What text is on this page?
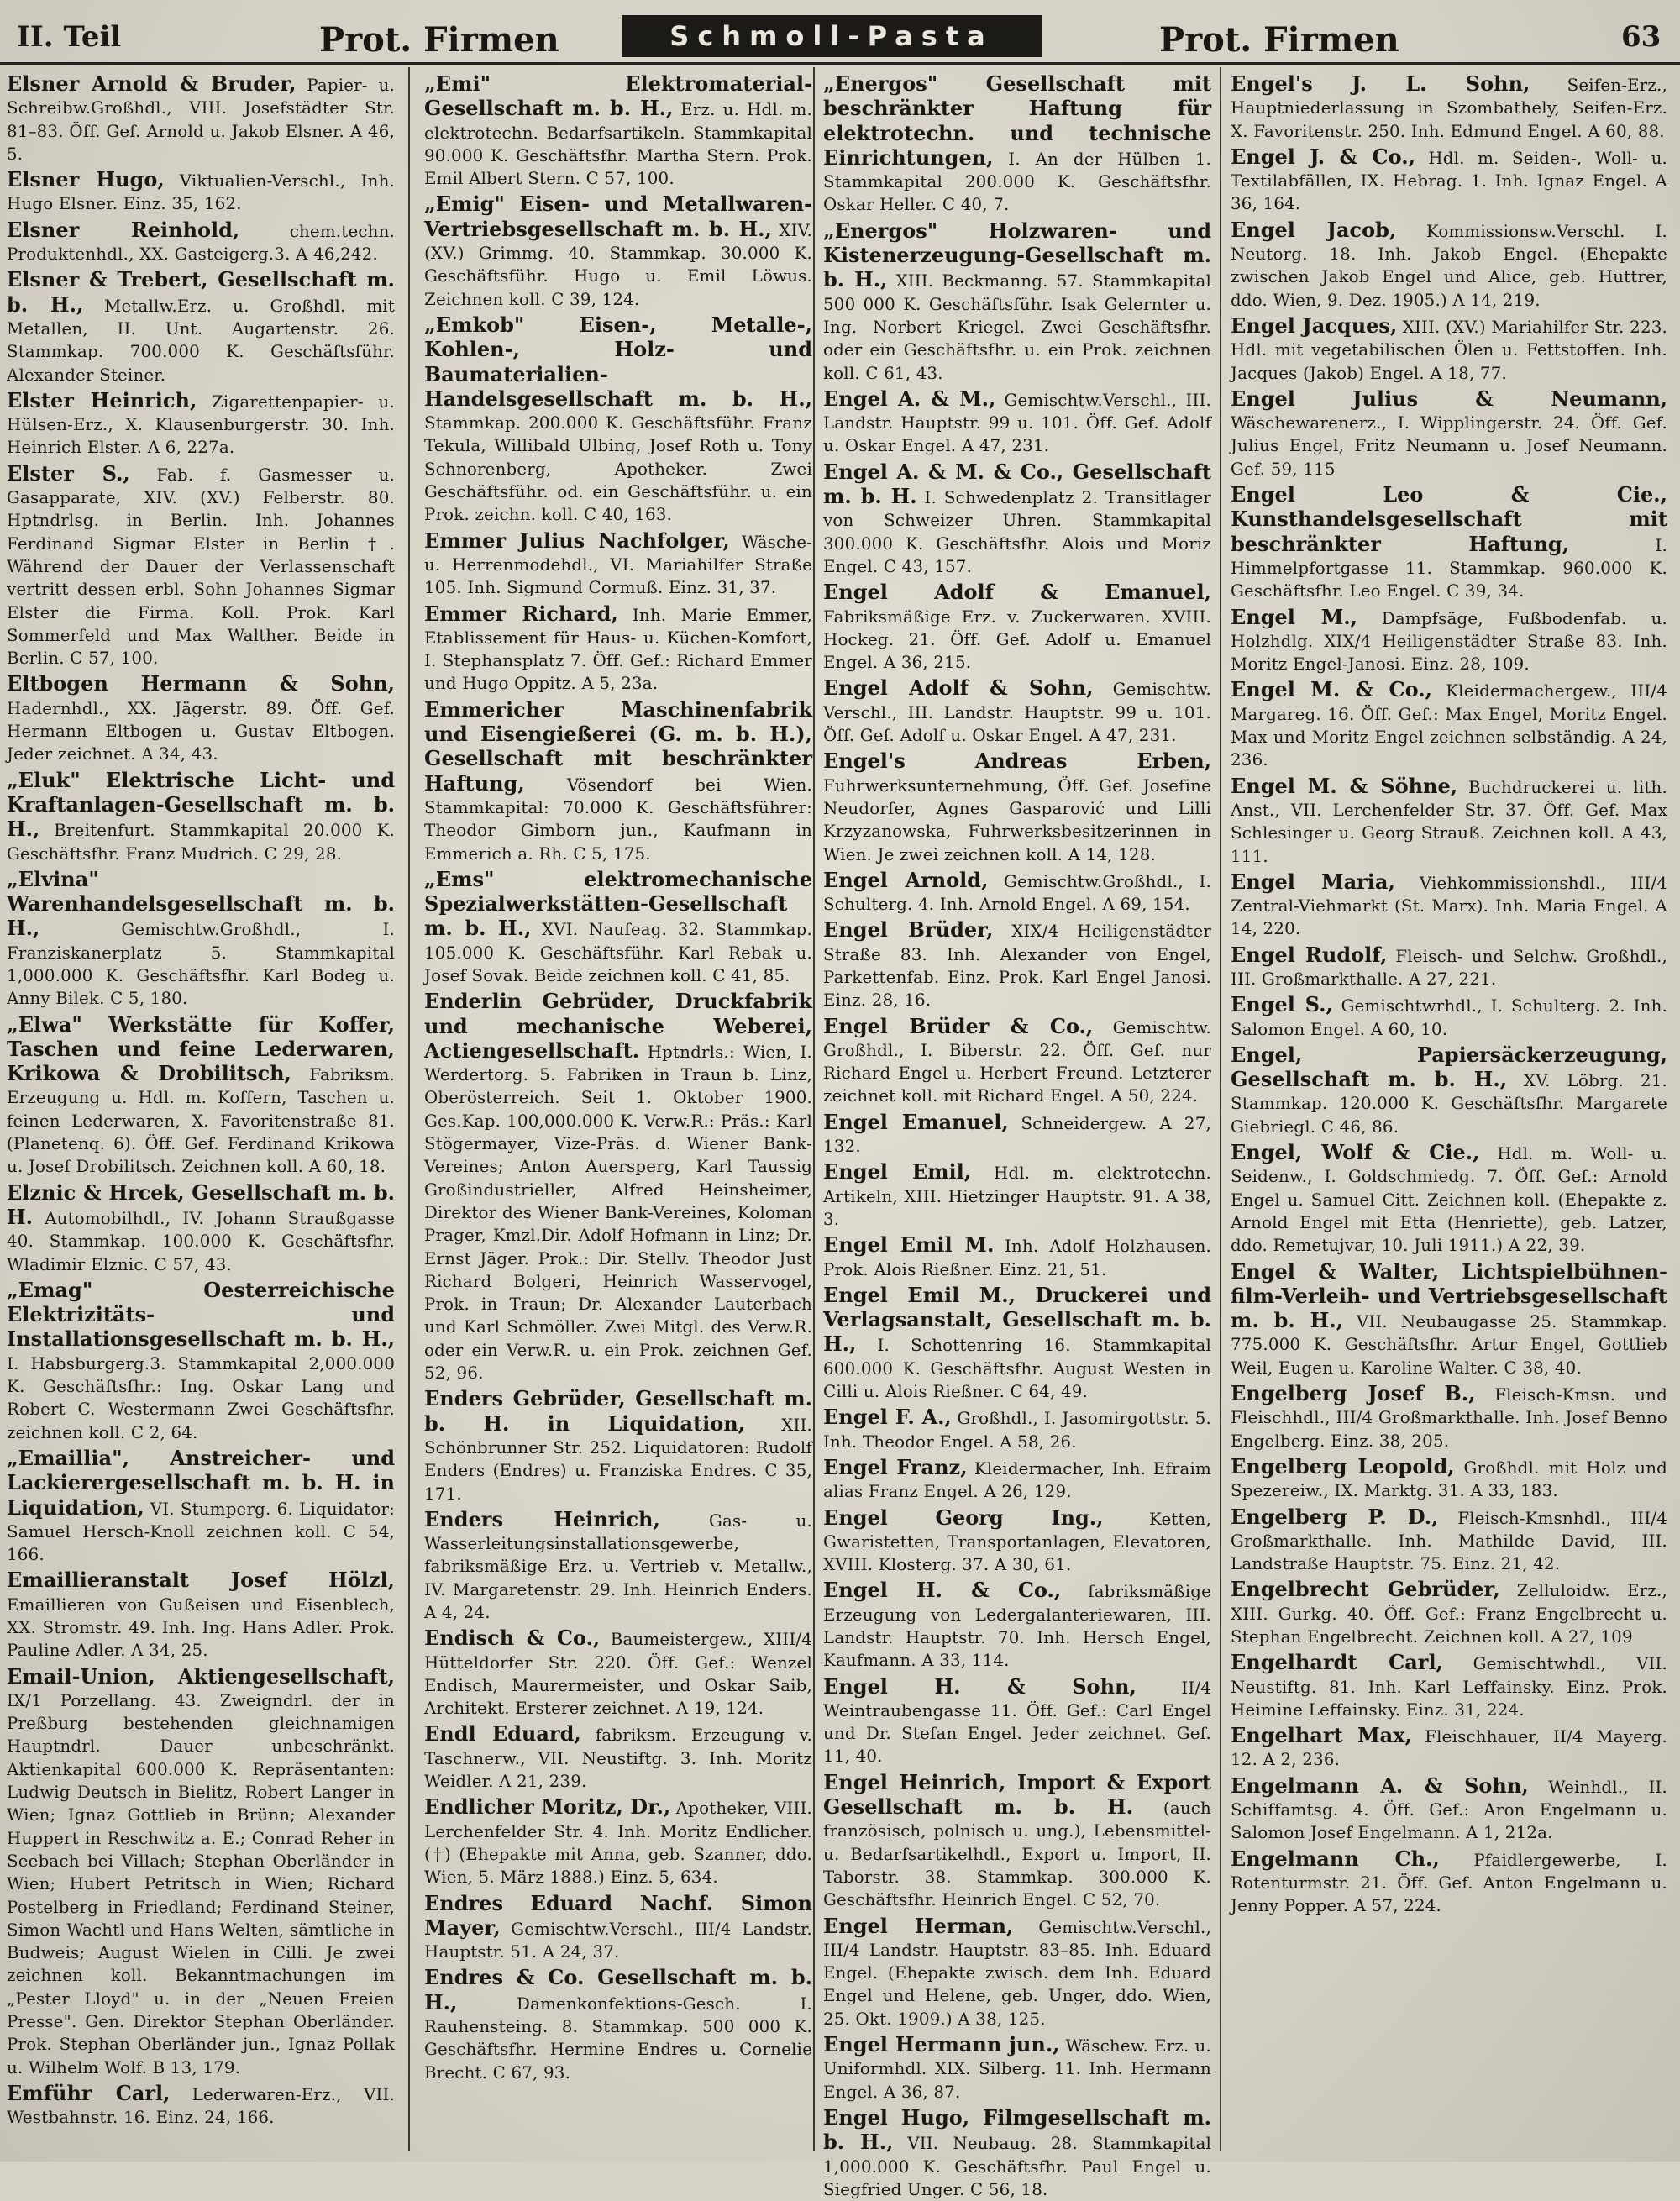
II. Teil	Prot. Firmen	Schmoll-Pasta	Prot. Firmen	63

Elsner Arnold & Bruder, Papier- u. Schreibw.Großhdl., VIII. Josefstädter Str. 81–83. Öff. Gef. Arnold u. Jakob Elsner. A 46, 5.

Elsner Hugo, Viktualien-Verschl., Inh. Hugo Elsner. Einz. 35, 162.

Elsner Reinhold,	chem.techn. Produktenhdl., XX. Gasteigerg.3. A 46,242.

Elsner & Trebert, Gesellschaft m. b. H., Metallw.Erz. u. Großhdl. mit Metallen, II. Unt. Augartenstr. 26. Stammkap. 700.000 K. Geschäftsführ. Alexander Steiner.

Elster Heinrich, Zigarettenpapier- u. Hülsen-Erz., X. Klausenburgerstr. 30. Inh. Heinrich Elster. A 6, 227a.

Elster S., Fab. f. Gasmesser u. Gasapparate, XIV. (XV.) Felberstr. 80. Hptndrlsg. in Berlin. Inh. Johannes Ferdinand Sigmar Elster in Berlin †. Während der Dauer der Verlassenschaft vertritt dessen erbl. Sohn Johannes Sigmar Elster die Firma. Koll. Prok. Karl Sommerfeld und Max Walther. Beide in Berlin. C 57, 100.

Eltbogen Hermann & Sohn, Hadernhdl., XX. Jägerstr. 89. Öff. Gef. Hermann Eltbogen u. Gustav Eltbogen. Jeder zeichnet. A 34, 43.

„Eluk" Elektrische Licht- und Kraftanlagen-Gesellschaft m. b. H., Breitenfurt. Stammkapital 20.000 K. Geschäftsfhr. Franz Mudrich. C 29, 28.

„Elvina" Warenhandelsgesellschaft m. b. H.,	Gemischtw.Großhdl., I. Franziskanerplatz 5. Stammkapital 1,000.000 K. Geschäftsfhr. Karl Bodeg u. Anny Bilek. C 5, 180.

„Elwa" Werkstätte für Koffer, Taschen und feine Lederwaren, Krikowa & Drobilitsch, Fabriksm. Erzeugung u. Hdl. m. Koffern, Taschen u. feinen Lederwaren, X. Favoritenstraße 81. (Planetenq. 6). Öff. Gef. Ferdinand Krikowa u. Josef Drobilitsch. Zeichnen koll. A 60, 18.

Elznic & Hrcek, Gesellschaft m. b. H. Automobilhdl., IV. Johann Straußgasse 40. Stammkap. 100.000 K. Geschäftsfhr. Wladimir Elznic. C 57, 43.

„Emag" Oesterreichische Elektrizitäts- und Installationsgesellschaft m. b. H., I. Habsburgerg.3. Stammkapital 2,000.000 K. Geschäftsfhr.: Ing. Oskar Lang und Robert C. Westermann Zwei Geschäftsfhr. zeichnen koll. C 2, 64.

„Emaillia", Anstreicher- und Lackierergesellschaft m. b. H. in Liquidation, VI. Stumperg. 6. Liquidator: Samuel Hersch-Knoll zeichnen koll. C 54, 166.

Emaillieranstalt Josef Hölzl, Emaillieren von Gußeisen und Eisenblech, XX. Stromstr. 49. Inh. Ing. Hans Adler. Prok. Pauline Adler. A 34, 25.

Email-Union, Aktiengesellschaft, IX/1 Porzellang. 43. Zweigndrl. der in Preßburg bestehenden gleichnamigen Hauptndrl. Dauer unbeschränkt. Aktienkapital 600.000 K. Repräsentanten: Ludwig Deutsch in Bielitz, Robert Langer in Wien; Ignaz Gottlieb in Brünn; Alexander Huppert in Reschwitz a. E.; Conrad Reher in Seebach bei Villach; Stephan Oberländer in Wien; Hubert Petritsch in Wien; Richard Postelberg in Friedland; Ferdinand Steiner, Simon Wachtl und Hans Welten, sämtliche in Budweis; August Wielen in Cilli. Je zwei zeichnen koll. Bekanntmachungen im „Pester Lloyd" u. in der „Neuen Freien Presse". Gen. Direktor Stephan Oberländer. Prok. Stephan Oberländer jun., Ignaz Pollak u. Wilhelm Wolf. B 13, 179.

Emführ Carl, Lederwaren-Erz., VII. Westbahnstr. 16. Einz. 24, 166.

„Emi" Elektromaterial-Gesellschaft m. b. H., Erz. u. Hdl. m. elektrotechn. Bedarfsartikeln. Stammkapital 90.000 K. Geschäftsfhr. Martha Stern. Prok. Emil Albert Stern. C 57, 100.

„Emig" Eisen- und Metallwaren-Vertriebsgesellschaft m. b. H., XIV. (XV.) Grimmg. 40. Stammkap. 30.000 K. Geschäftsführ. Hugo u. Emil Löwus. Zeichnen koll. C 39, 124.

„Emkob" Eisen-, Metalle-, Kohlen-, Holz- und Baumaterialien-Handelsgesellschaft m. b. H., Stammkap. 200.000 K. Geschäftsführ. Franz Tekula, Willibald Ulbing, Josef Roth u. Tony Schnorenberg, Apotheker. Zwei Geschäftsführ. od. ein Geschäftsführ. u. ein Prok. zeichn. koll. C 40, 163.

Emmer Julius Nachfolger, Wäsche- u. Herrenmodehdl., VI. Mariahilfer Straße 105. Inh. Sigmund Cormuß. Einz. 31, 37.

Emmer Richard, Inh. Marie Emmer, Etablissement für Haus- u. Küchen-Komfort, I. Stephansplatz 7. Öff. Gef.: Richard Emmer und Hugo Oppitz. A 5, 23a.

Emmericher Maschinenfabrik und Eisengießerei (G. m. b. H.), Gesellschaft mit beschränkter Haftung,	Vösendorf bei Wien. Stammkapital: 70.000 K. Geschäftsführer: Theodor Gimborn jun., Kaufmann in Emmerich a. Rh. C 5, 175.

„Ems" elektromechanische Spezialwerkstätten-Gesellschaft m. b. H., XVI. Naufeag. 32. Stammkap. 105.000 K. Geschäftsführ. Karl Rebak u. Josef Sovak. Beide zeichnen koll. C 41, 85.

Enderlin Gebrüder, Druckfabrik und mechanische Weberei, Actiengesellschaft. Hptndrls.: Wien, I. Werdertorg. 5. Fabriken in Traun b. Linz, Oberösterreich. Seit 1. Oktober 1900. Ges.Kap. 100,000.000 K. Verw.R.: Präs.: Karl Stögermayer, Vize-Präs. d. Wiener Bank-Vereines; Anton Auersperg, Karl Taussig Großindustrieller, Alfred Heinsheimer, Direktor des Wiener Bank-Vereines, Koloman Prager, Kmzl.Dir. Adolf Hofmann in Linz; Dr. Ernst Jäger. Prok.: Dir. Stellv. Theodor Just Richard Bolgeri, Heinrich Wasservogel, Prok. in Traun; Dr. Alexander Lauterbach und Karl Schmöller. Zwei Mitgl. des Verw.R. oder ein Verw.R. u. ein Prok. zeichnen Gef. 52, 96.

Enders Gebrüder, Gesellschaft m. b. H. in Liquidation, XII. Schönbrunner Str. 252. Liquidatoren: Rudolf Enders (Endres) u. Franziska Endres. C 35, 171.

Enders Heinrich,	Gas- u. Wasserleitungsinstallationsgewerbe, fabriksmäßige Erz. u. Vertrieb v. Metallw., IV. Margaretenstr. 29. Inh. Heinrich Enders. A 4, 24.

Endisch & Co., Baumeistergew., XIII/4 Hütteldorfer Str. 220. Öff. Gef.: Wenzel Endisch, Maurermeister, und Oskar Saib, Architekt. Ersterer zeichnet. A 19, 124.

Endl Eduard, fabriksm. Erzeugung v. Taschnerw., VII. Neustiftg. 3. Inh. Moritz Weidler. A 21, 239.

Endlicher Moritz, Dr., Apotheker, VIII. Lerchenfelder Str. 4. Inh. Moritz Endlicher. (†) (Ehepakte mit Anna, geb. Szanner, ddo. Wien, 5. März 1888.) Einz. 5, 634.

Endres Eduard Nachf. Simon Mayer, Gemischtw.Verschl., III/4 Landstr. Hauptstr. 51. A 24, 37.

Endres & Co. Gesellschaft m. b. H.,	Damenkonfektions-Gesch. I. Rauhensteing. 8. Stammkap. 500 000 K. Geschäftsfhr. Hermine Endres u. Cornelie Brecht. C 67, 93.

„Energos" Gesellschaft mit beschränkter Haftung für elektrotechn. und technische Einrichtungen, I. An der Hülben 1. Stammkapital 200.000 K. Geschäftsfhr. Oskar Heller. C 40, 7.

„Energos" Holzwaren- und Kistenerzeugung-Gesellschaft m. b. H., XIII. Beckmanng. 57. Stammkapital 500 000 K. Geschäftsführ. Isak Gelernter u. Ing. Norbert Kriegel. Zwei Geschäftsfhr. oder ein Geschäftsfhr. u. ein Prok. zeichnen koll. C 61, 43.

Engel A. & M., Gemischtw.Verschl., III. Landstr. Hauptstr. 99 u. 101. Öff. Gef. Adolf u. Oskar Engel. A 47, 231.

Engel A. & M. & Co., Gesellschaft m. b. H. I. Schwedenplatz 2. Transitlager von Schweizer Uhren. Stammkapital 300.000 K. Geschäftsfhr. Alois und Moriz Engel. C 43, 157.

Engel Adolf & Emanuel, Fabriksmäßige Erz. v. Zuckerwaren. XVIII. Hockeg. 21. Öff. Gef. Adolf u. Emanuel Engel. A 36, 215.

Engel Adolf & Sohn, Gemischtw. Verschl., III. Landstr. Hauptstr. 99 u. 101. Öff. Gef. Adolf u. Oskar Engel. A 47, 231.

Engel's Andreas Erben, Fuhrwerksunternehmung, Öff. Gef. Josefine Neudorfer, Agnes Gasparović und Lilli Krzyzanowska, Fuhrwerksbesitzerinnen in Wien. Je zwei zeichnen koll. A 14, 128.

Engel Arnold, Gemischtw.Großhdl., I. Schulterg. 4. Inh. Arnold Engel. A 69, 154.

Engel Brüder, XIX/4 Heiligenstädter Straße 83. Inh. Alexander von Engel, Parkettenfab. Einz. Prok. Karl Engel Janosi. Einz. 28, 16.

Engel Brüder & Co., Gemischtw. Großhdl., I. Biberstr. 22. Öff. Gef. nur Richard Engel u. Herbert Freund. Letzterer zeichnet koll. mit Richard Engel. A 50, 224.

Engel Emanuel, Schneidergew. A 27, 132.

Engel Emil, Hdl. m. elektrotechn. Artikeln, XIII. Hietzinger Hauptstr. 91. A 38, 3.

Engel Emil M. Inh. Adolf Holzhausen. Prok. Alois Rießner. Einz. 21, 51.

Engel Emil M., Druckerei und Verlagsanstalt, Gesellschaft m. b. H., I. Schottenring 16. Stammkapital 600.000 K. Geschäftsfhr. August Westen in Cilli u. Alois Rießner. C 64, 49.

Engel F. A., Großhdl., I. Jasomirgottstr. 5. Inh. Theodor Engel. A 58, 26.

Engel Franz, Kleidermacher, Inh. Efraim alias Franz Engel. A 26, 129.

Engel Georg Ing.,	Ketten, Gwaristetten, Transportanlagen, Elevatoren, XVIII. Klosterg. 37. A 30, 61.

Engel H. & Co., fabriksmäßige Erzeugung von Ledergalanteriewaren, III. Landstr. Hauptstr. 70. Inh. Hersch Engel, Kaufmann. A 33, 114.

Engel H. & Sohn,	II/4 Weintraubengasse 11. Öff. Gef.: Carl Engel und Dr. Stefan Engel. Jeder zeichnet. Gef. 11, 40.

Engel Heinrich, Import & Export Gesellschaft m. b. H. (auch französisch, polnisch u. ung.), Lebensmittel- u. Bedarfsartikelhdl., Export u. Import, II. Taborstr. 38. Stammkap. 300.000 K. Geschäftsfhr. Heinrich Engel. C 52, 70.

Engel Herman, Gemischtw.Verschl., III/4 Landstr. Hauptstr. 83–85. Inh. Eduard Engel. (Ehepakte zwisch. dem Inh. Eduard Engel und Helene, geb. Unger, ddo. Wien, 25. Okt. 1909.) A 38, 125.

Engel Hermann jun., Wäschew. Erz. u. Uniformhdl. XIX. Silberg. 11. Inh. Hermann Engel. A 36, 87.

Engel Hugo, Filmgesellschaft m. b. H., VII. Neubaug. 28. Stammkapital 1,000.000 K. Geschäftsfhr. Paul Engel u. Siegfried Unger. C 56, 18.

Engel's J. L. Sohn, Seifen-Erz., Hauptniederlassung in Szombathely, Seifen-Erz. X. Favoritenstr. 250. Inh. Edmund Engel. A 60, 88.

Engel J. & Co., Hdl. m. Seiden-, Woll- u. Textilabfällen, IX. Hebrag. 1. Inh. Ignaz Engel. A 36, 164.

Engel Jacob, Kommissionsw.Verschl. I. Neutorg. 18. Inh. Jakob Engel. (Ehepakte zwischen Jakob Engel und Alice, geb. Huttrer, ddo. Wien, 9. Dez. 1905.) A 14, 219.

Engel Jacques, XIII. (XV.) Mariahilfer Str. 223. Hdl. mit vegetabilischen Ölen u. Fettstoffen. Inh. Jacques (Jakob) Engel. A 18, 77.

Engel Julius & Neumann, Wäschewarenerz., I. Wipplingerstr. 24. Öff. Gef. Julius Engel, Fritz Neumann u. Josef Neumann. Gef. 59, 115

Engel Leo & Cie., Kunsthandelsgesellschaft mit beschränkter Haftung,	I. Himmelpfortgasse 11. Stammkap. 960.000 K. Geschäftsfhr. Leo Engel. C 39, 34.

Engel M., Dampfsäge, Fußbodenfab. u. Holzhdlg. XIX/4 Heiligenstädter Straße 83. Inh. Moritz Engel-Janosi. Einz. 28, 109.

Engel M. & Co., Kleidermachergew., III/4 Margareg. 16. Öff. Gef.: Max Engel, Moritz Engel. Max und Moritz Engel zeichnen selbständig. A 24, 236.

Engel M. & Söhne, Buchdruckerei u. lith. Anst., VII. Lerchenfelder Str. 37. Öff. Gef. Max Schlesinger u. Georg Strauß. Zeichnen koll. A 43, 111.

Engel Maria, Viehkommissionshdl., III/4 Zentral-Viehmarkt (St. Marx). Inh. Maria Engel. A 14, 220.

Engel Rudolf, Fleisch- und Selchw. Großhdl., III. Großmarkthalle. A 27, 221.

Engel S., Gemischtwrhdl., I. Schulterg. 2. Inh. Salomon Engel. A 60, 10.

Engel, Papiersäckerzeugung, Gesellschaft m. b. H., XV. Löbrg. 21. Stammkap. 120.000 K. Geschäftsfhr. Margarete Giebriegl. C 46, 86.

Engel, Wolf & Cie., Hdl. m. Woll- u. Seidenw., I. Goldschmiedg. 7. Öff. Gef.: Arnold Engel u. Samuel Citt. Zeichnen koll. (Ehepakte z. Arnold Engel mit Etta (Henriette), geb. Latzer, ddo. Remetujvar, 10. Juli 1911.) A 22, 39.

Engel & Walter, Lichtspielbühnen-film-Verleih- und Vertriebsgesellschaft m. b. H., VII. Neubaugasse 25. Stammkap. 775.000 K. Geschäftsfhr. Artur Engel, Gottlieb Weil, Eugen u. Karoline Walter. C 38, 40.

Engelberg Josef B., Fleisch-Kmsn. und Fleischhdl., III/4 Großmarkthalle. Inh. Josef Benno Engelberg. Einz. 38, 205.

Engelberg Leopold, Großhdl. mit Holz und Spezereiw., IX. Marktg. 31. A 33, 183.

Engelberg P. D., Fleisch-Kmsnhdl., III/4 Großmarkthalle. Inh. Mathilde David, III. Landstraße Hauptstr. 75. Einz. 21, 42.

Engelbrecht Gebrüder, Zelluloidw. Erz., XIII. Gurkg. 40. Öff. Gef.: Franz Engelbrecht u. Stephan Engelbrecht. Zeichnen koll. A 27, 109

Engelhardt Carl, Gemischtwhdl., VII. Neustiftg. 81. Inh. Karl Leffainsky. Einz. Prok. Heimine Leffainsky. Einz. 31, 224.

Engelhart Max, Fleischhauer, II/4 Mayerg. 12. A 2, 236.

Engelmann A. & Sohn, Weinhdl., II. Schiffamtsg. 4. Öff. Gef.: Aron Engelmann u. Salomon Josef Engelmann. A 1, 212a.

Engelmann Ch., Pfaidlergewerbe, I. Rotenturmstr. 21. Öff. Gef. Anton Engelmann u. Jenny Popper. A 57, 224.
